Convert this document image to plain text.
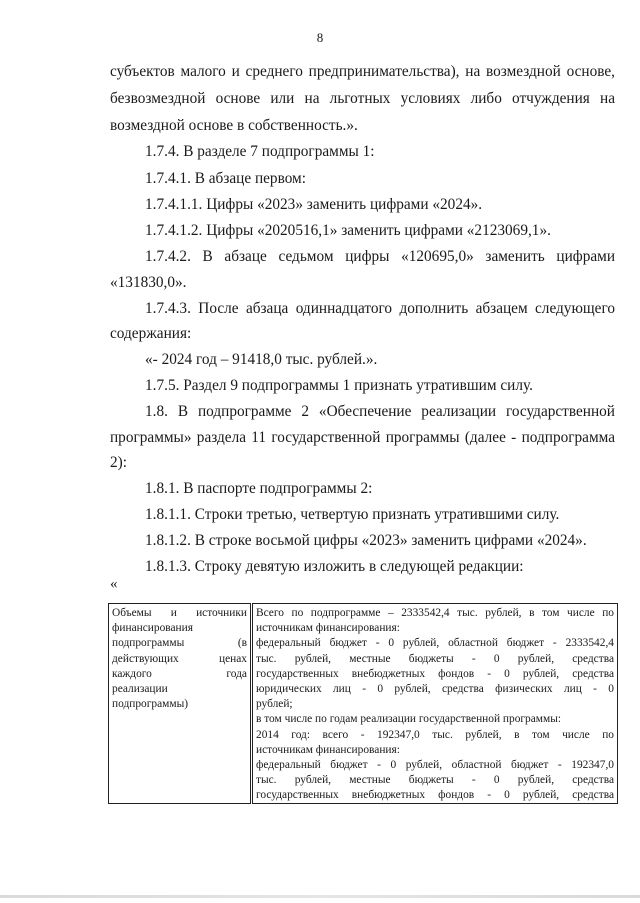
8
субъектов малого и среднего предпринимательства), на возмездной основе,
безвозмездной основе или на льготных условиях либо отчуждения на
возмездной основе в собственность.».
1.7.4. В разделе 7 подпрограммы 1:
1.7.4.1. В абзаце первом:
1.7.4.1.1. Цифры «2023» заменить цифрами «2024».
1.7.4.1.2. Цифры «2020516,1» заменить цифрами «2123069,1».
1.7.4.2. В абзаце седьмом цифры «120695,0» заменить цифрами
«131830,0».
1.7.4.3. После абзаца одиннадцатого дополнить абзацем следующего
содержания:
«- 2024 год – 91418,0 тыс. рублей.».
1.7.5. Раздел 9 подпрограммы 1 признать утратившим силу.
1.8. В подпрограмме 2 «Обеспечение реализации государственной
программы» раздела 11 государственной программы (далее - подпрограмма
2):
1.8.1. В паспорте подпрограммы 2:
1.8.1.1. Строки третью, четвертую признать утратившими силу.
1.8.1.2. В строке восьмой цифры «2023» заменить цифрами «2024».
1.8.1.3. Строку девятую изложить в следующей редакции:
«
Объемы и источники
финансирования
подпрограммы (в
действующих ценах
каждого года
реализации
подпрограммы)

Всего по подпрограмме – 2333542,4 тыс. рублей, в том числе по
источникам финансирования:
федеральный бюджет - 0 рублей, областной бюджет - 2333542,4
тыс. рублей, местные бюджеты - 0 рублей, средства
государственных внебюджетных фондов - 0 рублей, средства
юридических лиц - 0 рублей, средства физических лиц - 0
рублей;
в том числе по годам реализации государственной программы:
2014 год: всего - 192347,0 тыс. рублей, в том числе по
источникам финансирования:
федеральный бюджет - 0 рублей, областной бюджет - 192347,0
тыс. рублей, местные бюджеты - 0 рублей, средства
государственных внебюджетных фондов - 0 рублей, средства
